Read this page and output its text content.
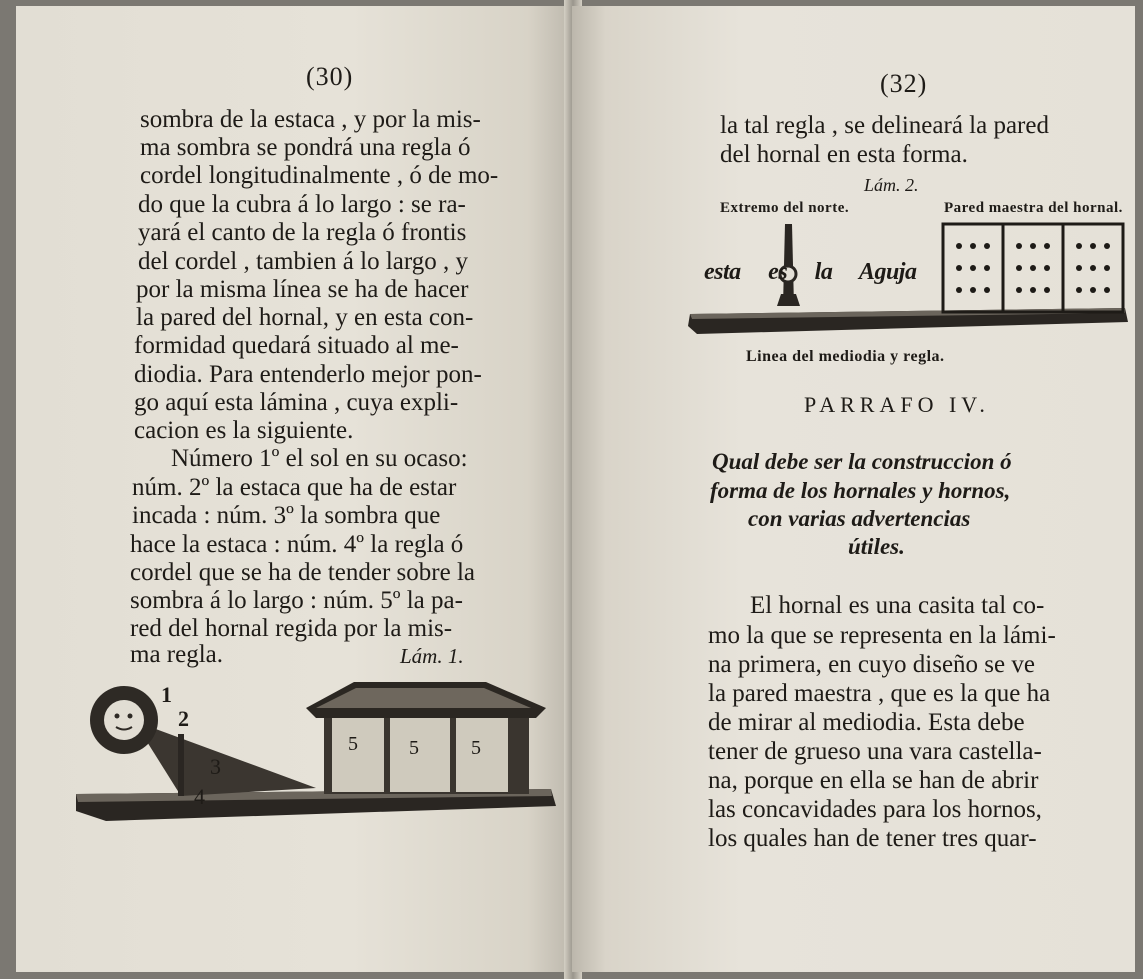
(30)
sombra de la estaca , y por la mis-
ma sombra se pondrá una regla ó
cordel longitudinalmente , ó de mo-
do que la cubra á lo largo : se ra-
yará el canto de la regla ó frontis
del cordel , tambien á lo largo , y
por la misma línea se ha de hacer
la pared del hornal, y en esta con-
formidad quedará situado al me-
diodia. Para entenderlo mejor pon-
go aquí esta lámina , cuya expli-
cacion es la siguiente.
Número 1º el sol en su ocaso:
núm. 2º la estaca que ha de estar
incada : núm. 3º la sombra que
hace la estaca : núm. 4º la regla ó
cordel que se ha de tender sobre la
sombra á lo largo : núm. 5º la pa-
red del hornal regida por la mis-
ma regla.	Lám. 1.
1
2
3
4
5	5	5
(32)
la tal regla , se delineará la pared
del hornal en esta forma.
Lám. 2.
Extremo del norte.	Pared maestra del hornal.
esta es la Aguja
Linea del mediodia y regla.
PARRAFO IV.
Qual debe ser la construccion ó
forma de los hornales y hornos,
con varias advertencias
útiles.
El hornal es una casita tal co-
mo la que se representa en la lámi-
na primera, en cuyo diseño se ve
la pared maestra , que es la que ha
de mirar al mediodia. Esta debe
tener de grueso una vara castella-
na, porque en ella se han de abrir
las concavidades para los hornos,
los quales han de tener tres quar-
